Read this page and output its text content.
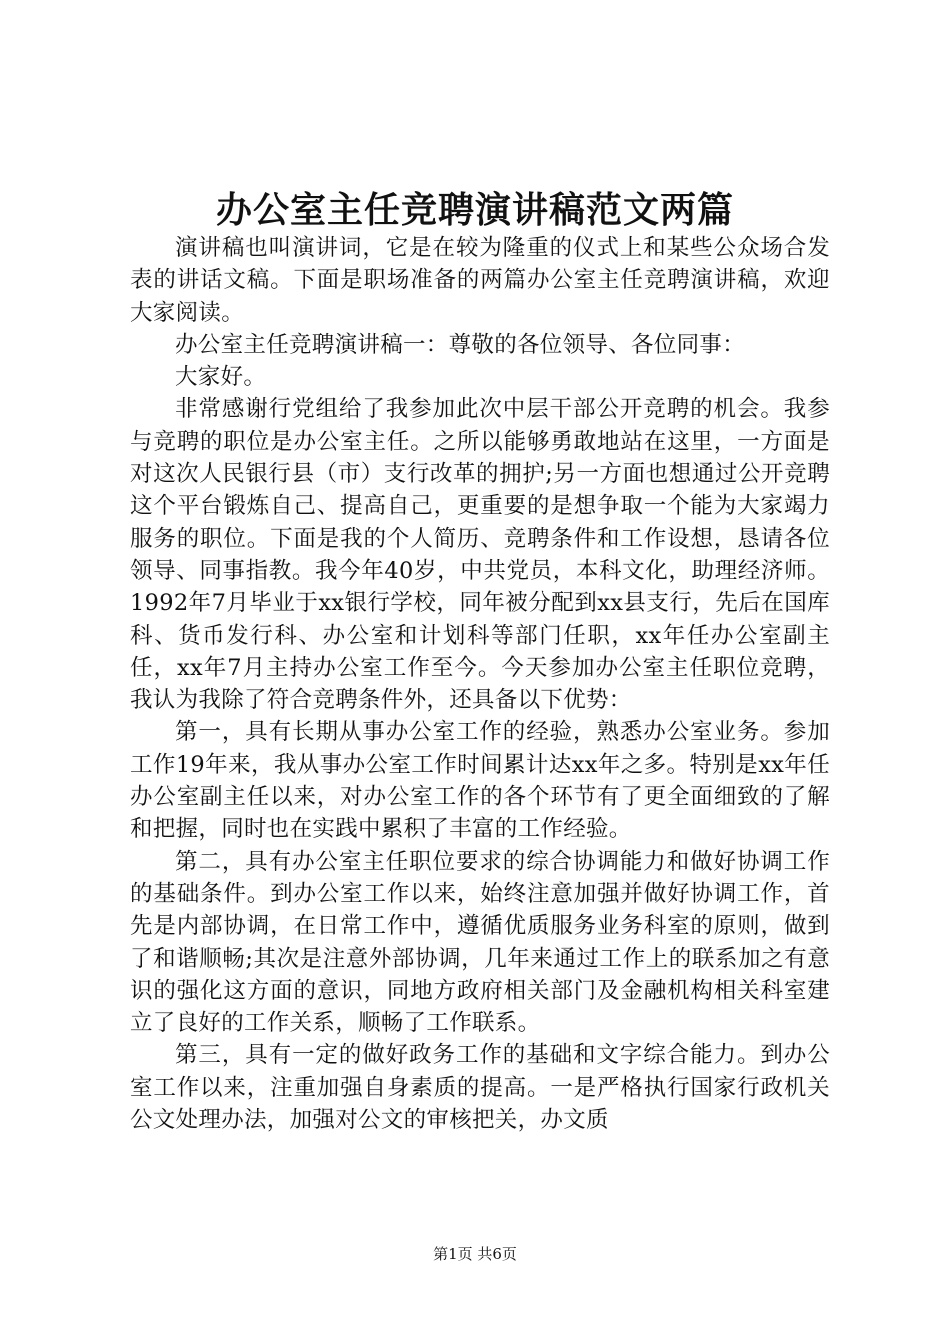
办公室主任竞聘演讲稿范文两篇

演讲稿也叫演讲词，它是在较为隆重的仪式上和某些公众场合发表的讲话文稿。下面是职场准备的两篇办公室主任竞聘演讲稿，欢迎大家阅读。

办公室主任竞聘演讲稿一：尊敬的各位领导、各位同事：

大家好。

非常感谢行党组给了我参加此次中层干部公开竞聘的机会。我参与竞聘的职位是办公室主任。之所以能够勇敢地站在这里，一方面是对这次人民银行县（市）支行改革的拥护;另一方面也想通过公开竞聘这个平台锻炼自己、提高自己，更重要的是想争取一个能为大家竭力服务的职位。下面是我的个人简历、竞聘条件和工作设想，恳请各位领导、同事指教。我今年40岁，中共党员，本科文化，助理经济师。1992年7月毕业于xx银行学校，同年被分配到xx县支行，先后在国库科、货币发行科、办公室和计划科等部门任职，xx年任办公室副主任，xx年7月主持办公室工作至今。今天参加办公室主任职位竞聘，我认为我除了符合竞聘条件外，还具备以下优势：

第一，具有长期从事办公室工作的经验，熟悉办公室业务。参加工作19年来，我从事办公室工作时间累计达xx年之多。特别是xx年任办公室副主任以来，对办公室工作的各个环节有了更全面细致的了解和把握，同时也在实践中累积了丰富的工作经验。

第二，具有办公室主任职位要求的综合协调能力和做好协调工作的基础条件。到办公室工作以来，始终注意加强并做好协调工作，首先是内部协调，在日常工作中，遵循优质服务业务科室的原则，做到了和谐顺畅;其次是注意外部协调，几年来通过工作上的联系加之有意识的强化这方面的意识，同地方政府相关部门及金融机构相关科室建立了良好的工作关系，顺畅了工作联系。

第三，具有一定的做好政务工作的基础和文字综合能力。到办公室工作以来，注重加强自身素质的提高。一是严格执行国家行政机关公文处理办法，加强对公文的审核把关，办文质

第1页 共6页
